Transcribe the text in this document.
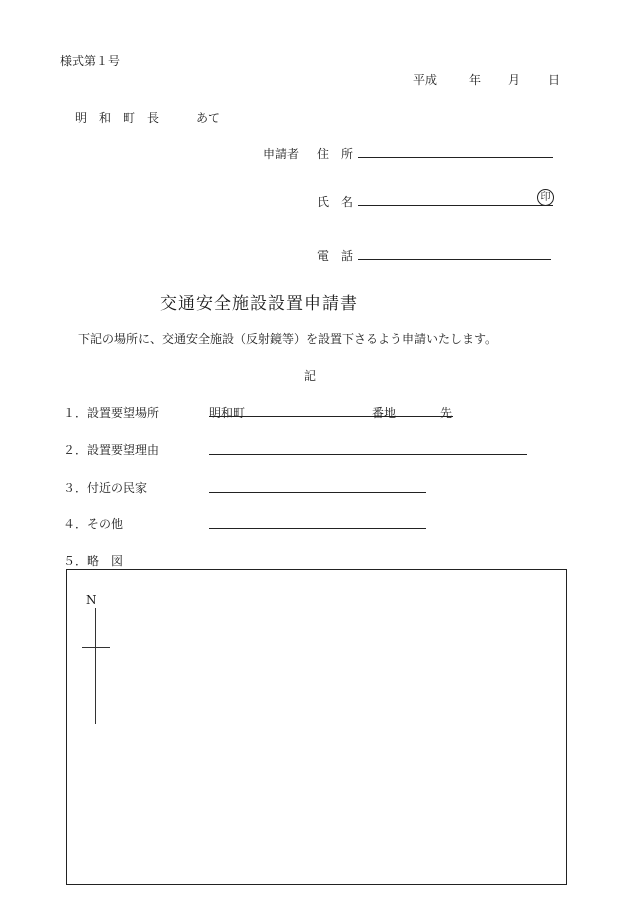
様式第１号
平成	年 月 日
明　和　町　長	あて
申請者 住　所
氏　名	印
電　話
交通安全施設設置申請書
下記の場所に、交通安全施設（反射鏡等）を設置下さるよう申請いたします。
記
１．設置要望場所	明和町	番地	先
２．設置要望理由
３．付近の民家
４．その他
５．略　図
N
